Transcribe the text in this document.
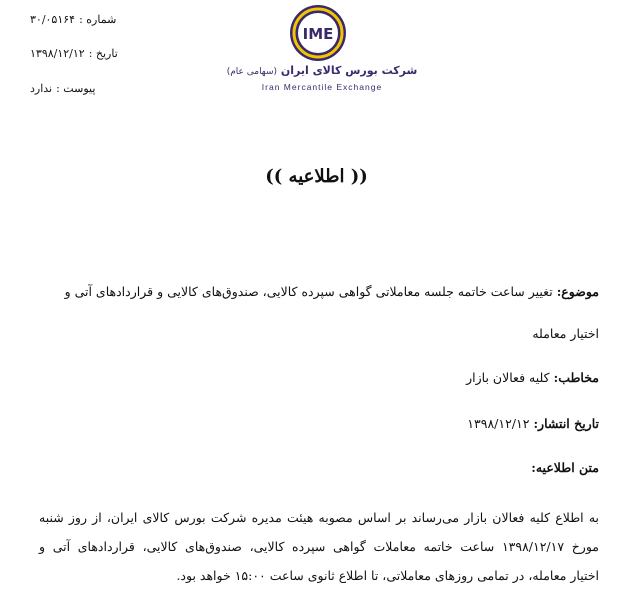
شماره :۳۰/۰۵۱۶۴
تاریخ :۱۳۹۸/۱۲/۱۲
پیوست :ندارد
IME
شرکت بورس کالای ایران (سهامی عام)
Iran Mercantile Exchange
(( اطلاعیه ))
موضوع:تغییر ساعت خاتمه جلسه معاملاتی گواهی سپرده کالایی، صندوق‌های کالایی و قراردادهای آتی و
اختیار معامله
مخاطب:کلیه فعالان بازار
تاریخ انتشار:۱۳۹۸/۱۲/۱۲
متن اطلاعیه:
به اطلاع کلیه فعالان بازار می‌رساند بر اساس مصوبه هیئت مدیره شرکت بورس کالای ایران، از روز شنبه
مورخ ۱۳۹۸/۱۲/۱۷ ساعت خاتمه معاملات گواهی سپرده کالایی، صندوق‌های کالایی، قراردادهای آتی و
اختیار معامله، در تمامی روزهای معاملاتی، تا اطلاع ثانوی ساعت ۱۵:۰۰ خواهد بود.
